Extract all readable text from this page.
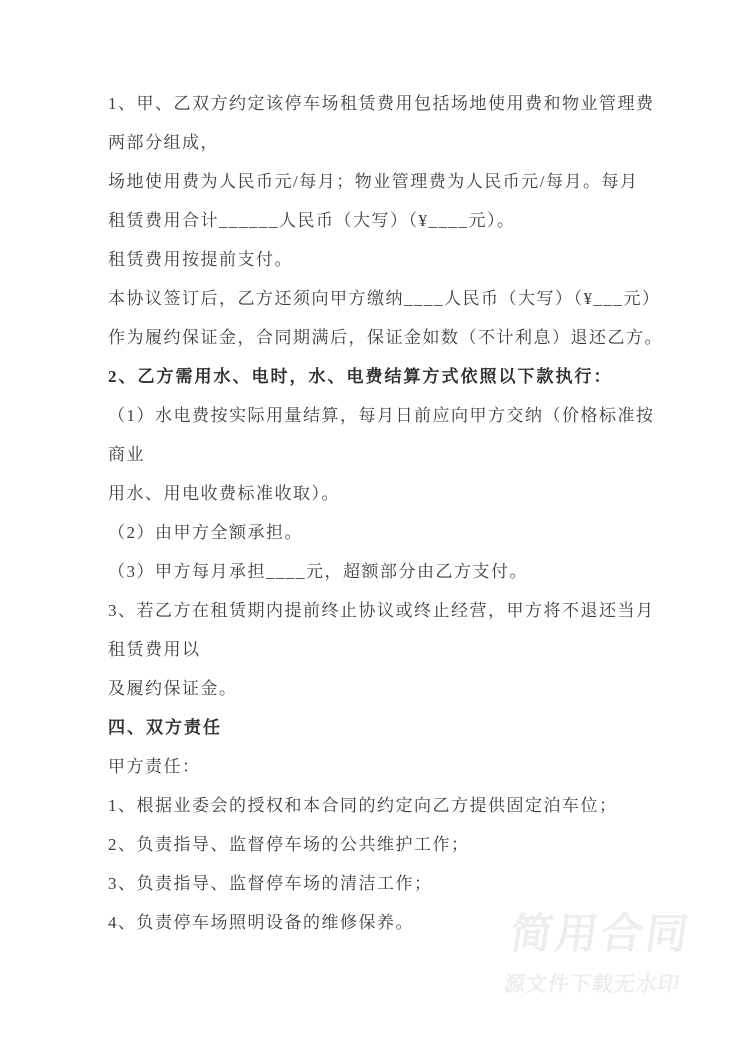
1、甲、乙双方约定该停车场租赁费用包括场地使用费和物业管理费
两部分组成，
场地使用费为人民币元/每月；物业管理费为人民币元/每月。每月
租赁费用合计______人民币（大写）（¥____元）。
租赁费用按提前支付。
本协议签订后，乙方还须向甲方缴纳____人民币（大写）（¥___元）
作为履约保证金，合同期满后，保证金如数（不计利息）退还乙方。
2、乙方需用水、电时，水、电费结算方式依照以下款执行：
（1）水电费按实际用量结算，每月日前应向甲方交纳（价格标准按
商业
用水、用电收费标准收取）。
（2）由甲方全额承担。
（3）甲方每月承担____元，超额部分由乙方支付。
3、若乙方在租赁期内提前终止协议或终止经营，甲方将不退还当月
租赁费用以
及履约保证金。
四、双方责任
甲方责任：
1、根据业委会的授权和本合同的约定向乙方提供固定泊车位；
2、负责指导、监督停车场的公共维护工作；
3、负责指导、监督停车场的清洁工作；
4、负责停车场照明设备的维修保养。	简用合同
源文件下载无水印
